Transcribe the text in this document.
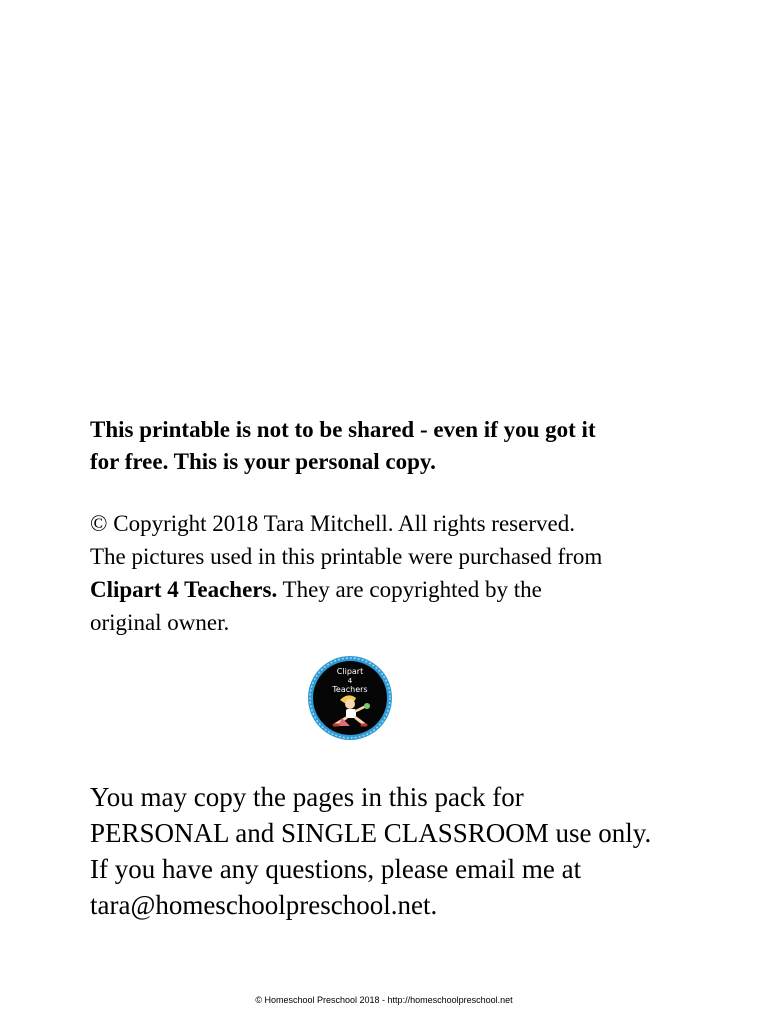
This printable is not to be shared - even if you got it

for free. This is your personal copy.

© Copyright 2018 Tara Mitchell. All rights reserved.

The pictures used in this printable were purchased from

Clipart 4 Teachers. They are copyrighted by the

original owner.

Clipart
4
Teachers

You may copy the pages in this pack for

PERSONAL and SINGLE CLASSROOM use only.

If you have any questions, please email me at

tara@homeschoolpreschool.net.

© Homeschool Preschool 2018 - http://homeschoolpreschool.net
